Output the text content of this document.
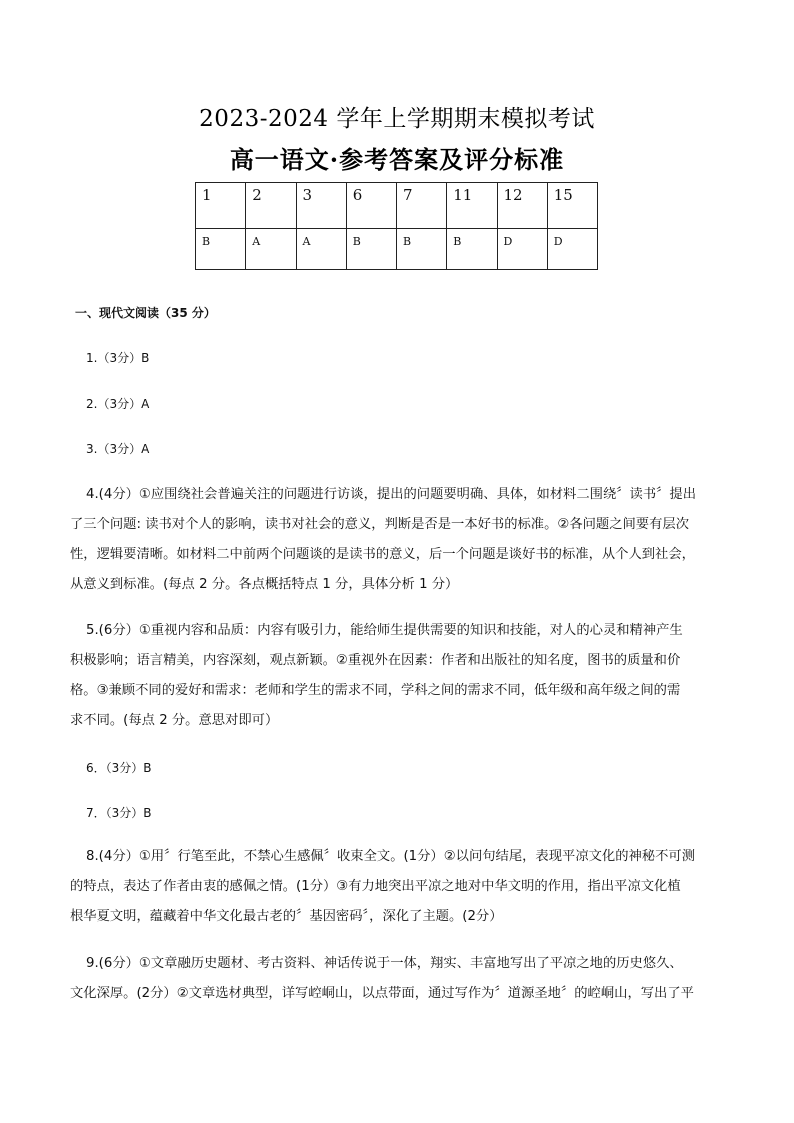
2023-2024 学年上学期期末模拟考试
高一语文·参考答案及评分标准
1	2	3	6	7	11	12	15
B	A	A	B	B	B	D	D
一、现代文阅读（35 分）
1.（3分）B
2.（3分）A
3.（3分）A
4.(4分）①应围绕社会普遍关注的问题进行访谈，提出的问题要明确、具体，如材料二围绕〞读书〞提出
了三个问题: 读书对个人的影响，读书对社会的意义，判断是否是一本好书的标准。②各问题之间要有层次
性，逻辑要清晰。如材料二中前两个问题谈的是读书的意义，后一个问题是谈好书的标准，从个人到社会，
从意义到标准。(每点 2 分。各点概括特点 1 分，具体分析 1 分）
5.(6分）①重视内容和品质：内容有吸引力，能给师生提供需要的知识和技能，对人的心灵和精神产生
积极影响；语言精美，内容深刻，观点新颖。②重视外在因素：作者和出版社的知名度，图书的质量和价
格。③兼顾不同的爱好和需求：老师和学生的需求不同，学科之间的需求不同，低年级和高年级之间的需
求不同。(每点 2 分。意思对即可）
6．（3分）B
7．（3分）B
8.(4分）①用〞行笔至此，不禁心生感佩〞收束全文。(1分）②以问句结尾，表现平凉文化的神秘不可测
的特点，表达了作者由衷的感佩之情。(1分）③有力地突出平凉之地对中华文明的作用，指出平凉文化植
根华夏文明，蕴藏着中华文化最古老的〞基因密码〞，深化了主题。(2分）
9.(6分）①文章融历史题材、考古资料、神话传说于一体，翔实、丰富地写出了平凉之地的历史悠久、
文化深厚。(2分）②文章选材典型，详写崆峒山，以点带面，通过写作为〞道源圣地〞的崆峒山，写出了平
